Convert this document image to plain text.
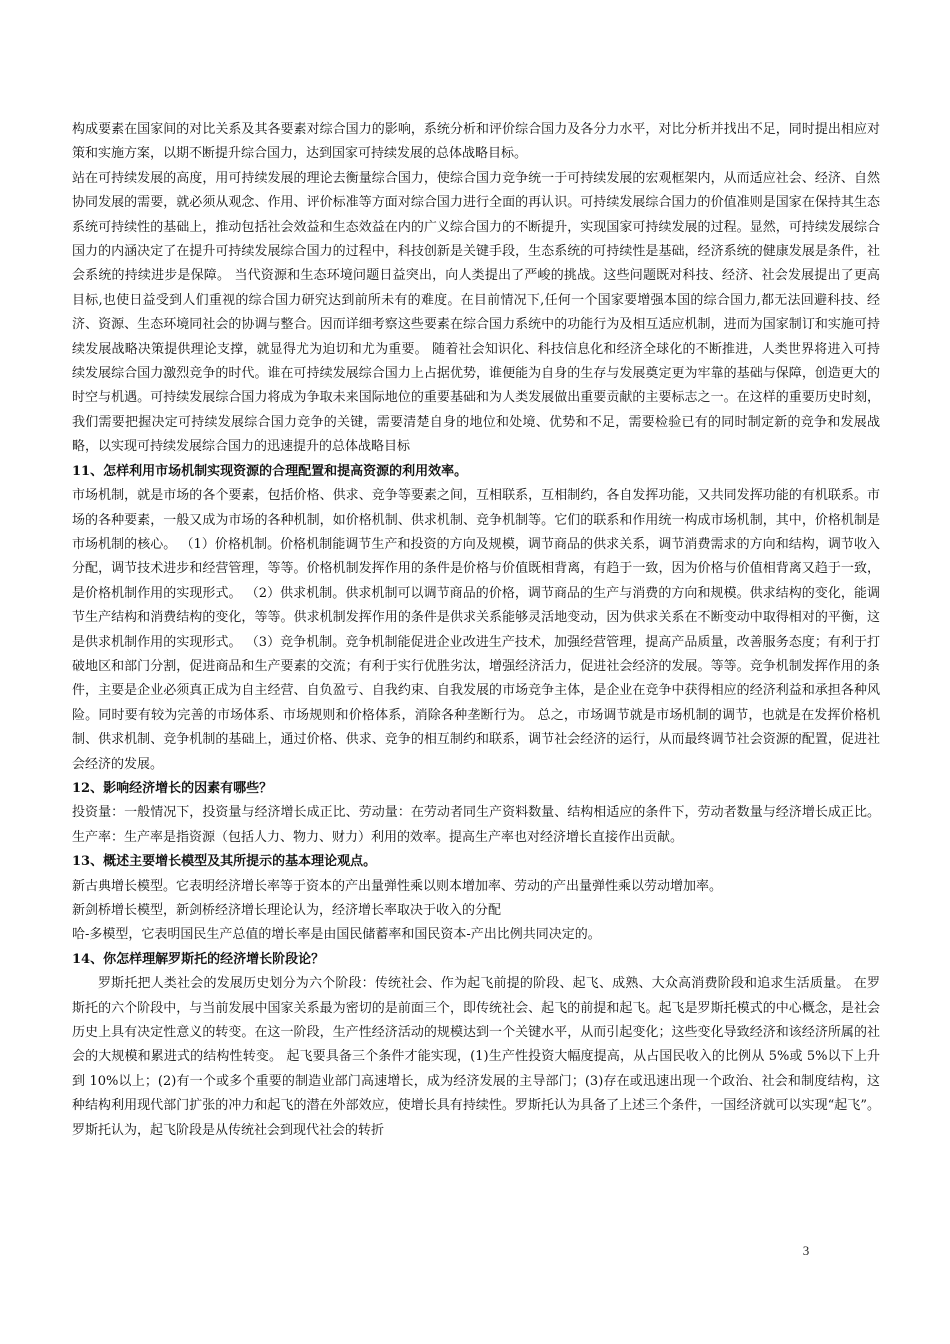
构成要素在国家间的对比关系及其各要素对综合国力的影响，系统分析和评价综合国力及各分力水平，对比分析并找出不足，同时提出相应对策和实施方案，以期不断提升综合国力，达到国家可持续发展的总体战略目标。

站在可持续发展的高度，用可持续发展的理论去衡量综合国力，使综合国力竞争统一于可持续发展的宏观框架内，从而适应社会、经济、自然协同发展的需要，就必须从观念、作用、评价标准等方面对综合国力进行全面的再认识。可持续发展综合国力的价值准则是国家在保持其生态系统可持续性的基础上，推动包括社会效益和生态效益在内的广义综合国力的不断提升，实现国家可持续发展的过程。显然，可持续发展综合国力的内涵决定了在提升可持续发展综合国力的过程中，科技创新是关键手段，生态系统的可持续性是基础，经济系统的健康发展是条件，社会系统的持续进步是保障。 当代资源和生态环境问题日益突出，向人类提出了严峻的挑战。这些问题既对科技、经济、社会发展提出了更高目标,也使日益受到人们重视的综合国力研究达到前所未有的难度。在目前情况下,任何一个国家要增强本国的综合国力,都无法回避科技、经济、资源、生态环境同社会的协调与整合。因而详细考察这些要素在综合国力系统中的功能行为及相互适应机制，进而为国家制订和实施可持续发展战略决策提供理论支撑，就显得尤为迫切和尤为重要。 随着社会知识化、科技信息化和经济全球化的不断推进，人类世界将进入可持续发展综合国力激烈竞争的时代。谁在可持续发展综合国力上占据优势，谁便能为自身的生存与发展奠定更为牢靠的基础与保障，创造更大的时空与机遇。可持续发展综合国力将成为争取未来国际地位的重要基础和为人类发展做出重要贡献的主要标志之一。在这样的重要历史时刻，我们需要把握决定可持续发展综合国力竞争的关键，需要清楚自身的地位和处境、优势和不足，需要检验已有的同时制定新的竞争和发展战略，以实现可持续发展综合国力的迅速提升的总体战略目标

11、怎样利用市场机制实现资源的合理配置和提高资源的利用效率。

市场机制，就是市场的各个要素，包括价格、供求、竞争等要素之间，互相联系，互相制约，各自发挥功能，又共同发挥功能的有机联系。市场的各种要素，一般又成为市场的各种机制，如价格机制、供求机制、竞争机制等。它们的联系和作用统一构成市场机制，其中，价格机制是市场机制的核心。 （1）价格机制。价格机制能调节生产和投资的方向及规模，调节商品的供求关系，调节消费需求的方向和结构，调节收入分配，调节技术进步和经营管理，等等。价格机制发挥作用的条件是价格与价值既相背离，有趋于一致，因为价格与价值相背离又趋于一致，是价格机制作用的实现形式。 （2）供求机制。供求机制可以调节商品的价格，调节商品的生产与消费的方向和规模。供求结构的变化，能调节生产结构和消费结构的变化，等等。供求机制发挥作用的条件是供求关系能够灵活地变动，因为供求关系在不断变动中取得相对的平衡，这是供求机制作用的实现形式。 （3）竞争机制。竞争机制能促进企业改进生产技术，加强经营管理，提高产品质量，改善服务态度；有利于打破地区和部门分割，促进商品和生产要素的交流；有利于实行优胜劣汰，增强经济活力，促进社会经济的发展。等等。竞争机制发挥作用的条件，主要是企业必须真正成为自主经营、自负盈亏、自我约束、自我发展的市场竞争主体，是企业在竞争中获得相应的经济利益和承担各种风险。同时要有较为完善的市场体系、市场规则和价格体系，消除各种垄断行为。 总之，市场调节就是市场机制的调节，也就是在发挥价格机制、供求机制、竞争机制的基础上，通过价格、供求、竞争的相互制约和联系，调节社会经济的运行，从而最终调节社会资源的配置，促进社会经济的发展。

12、影响经济增长的因素有哪些？

投资量：一般情况下，投资量与经济增长成正比、劳动量：在劳动者同生产资料数量、结构相适应的条件下，劳动者数量与经济增长成正比。 生产率：生产率是指资源（包括人力、物力、财力）利用的效率。提高生产率也对经济增长直接作出贡献。

13、概述主要增长模型及其所提示的基本理论观点。

新古典增长模型。它表明经济增长率等于资本的产出量弹性乘以则本增加率、劳动的产出量弹性乘以劳动增加率。

新剑桥增长模型，新剑桥经济增长理论认为，经济增长率取决于收入的分配

哈-多模型，它表明国民生产总值的增长率是由国民储蓄率和国民资本-产出比例共同决定的。

14、你怎样理解罗斯托的经济增长阶段论？

罗斯托把人类社会的发展历史划分为六个阶段：传统社会、作为起飞前提的阶段、起飞、成熟、大众高消费阶段和追求生活质量。 在罗斯托的六个阶段中，与当前发展中国家关系最为密切的是前面三个，即传统社会、起飞的前提和起飞。起飞是罗斯托模式的中心概念，是社会历史上具有决定性意义的转变。在这一阶段，生产性经济活动的规模达到一个关键水平，从而引起变化；这些变化导致经济和该经济所属的社会的大规模和累进式的结构性转变。 起飞要具备三个条件才能实现，(1)生产性投资大幅度提高，从占国民收入的比例从 5%或 5%以下上升到 10%以上；(2)有一个或多个重要的制造业部门高速增长，成为经济发展的主导部门；(3)存在或迅速出现一个政治、社会和制度结构，这种结构利用现代部门扩张的冲力和起飞的潜在外部效应，使增长具有持续性。罗斯托认为具备了上述三个条件，一国经济就可以实现“起飞”。罗斯托认为，起飞阶段是从传统社会到现代社会的转折

3
